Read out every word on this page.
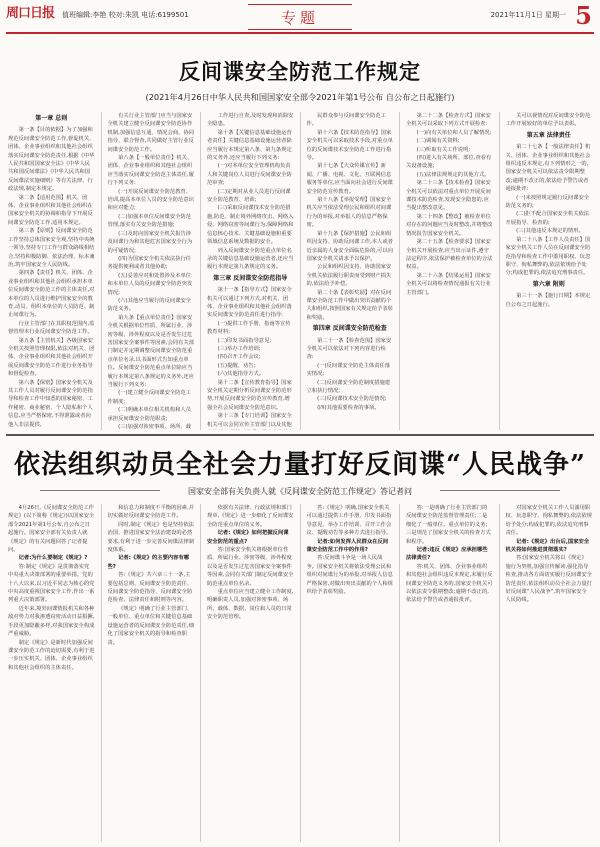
周口日报 值班编辑:李艳 校对:朱凯 电话:6199501	专题	2021年11月1日 星期一 5
反间谍安全防范工作规定
(2021年4月26日中华人民共和国国家安全部令2021年第1号公布 自公布之日起施行)
第一章 总则
第一条【目的依据】为了加强和规范反间谍安全防范工作,督促机关、团体、企业事业组织和其他社会组织落实反间谍安全防范责任,根据《中华人民共和国国家安全法》《中华人民共和国反间谍法》《中华人民共和国反间谍法实施细则》等有关法律、行政法规,制定本规定。
第二条【适用范围】机关、团体、企业事业组织和其他社会组织在国家安全机关的协调和指导下开展反间谍安全防范工作,适用本规定。
第三条【原则】反间谍安全防范工作坚持总体国家安全观,坚持中央统一领导,坚持专门工作与群众路线相结合,坚持积极防御、依法治理、标本兼治,筑牢国家安全人民防线。
第四条【责任】机关、团体、企业事业组织和其他社会组织承担本单位反间谍安全防范工作的主体责任,对本单位的人员进行维护国家安全的教育,动员、组织本单位的人员防范、制止间谍行为。
行业主管部门在其职权范围内,监督管理本行业反间谍安全防范工作。
第五条【主管机关】各级国家安全机关按照管理权限,依法对机关、团体、企业事业组织和其他社会组织开展反间谍安全防范工作进行业务指导和督促检查。
第六条【保密】国家安全机关及其工作人员对履行反间谍安全防范指导和检查工作中知悉的国家秘密、工作秘密、商业秘密、个人隐私和个人信息,应当严格保密,不得泄露或者向他人非法提供。
有关行业主管部门应当与国家安全机关建立健全反间谍安全防范协作机制,加强信息互通、情况会商、协同指导、联合督查,共同做好主管行业反间谍安全防范工作。
第八条【一般单位责任】机关、团体、企业事业组织和其他社会组织应当落实反间谍安全防范主体责任,履行下列义务:
(一)开展反间谍安全防范教育、培训,提高本单位人员的安全防范意识和应对能力;
(二)加强本单位反间谍安全防范管理,落实有关安全防范措施;
(三)及时向国家安全机关报告涉及间谍行为和其他危害国家安全行为的可疑情况;
(四)为国家安全机关依法执行任务提供便利或者其他协助;
(五)妥善应对和处置涉及本单位和本单位人员的反间谍安全防范突发情况;
(六)其他应当履行的反间谍安全防范义务。
第九条【重点单位责任】国家安全机关根据单位性质、所属行业、涉密等级、涉外程度以及是否发生过危害国家安全案事件等因素,会同有关部门制定并定期调整反间谍安全防范重点单位名录,以书面形式告知重点单位。反间谍安全防范重点单位除应当履行本规定第八条规定的义务外,还应当履行下列义务:
(一)建立健全反间谍安全防范工作制度;
(二)明确本单位相关机构和人员承担反间谍安全防范职责;
(三)加强对涉密事项、场所、载
工作进行自查,及时发现和消除安全隐患。
第十条【关键信息基础设施运营者责任】关键信息基础设施运营者除应当履行本规定第八条、第九条规定的义务外,还应当履行下列义务:
(一)对本单位安全管理机构负责人和关键岗位人员进行反间谍安全防范审查;
(二)定期对从业人员进行反间谍安全防范教育、培训;
(三)采取反间谍技术安全防范措施,防范、制止境外网络攻击、网络入侵、网络窃密等间谍行为,保障网络和信息核心技术、关键基础设施和重要领域信息系统及数据的安全。
列入反间谍安全防范重点单位名录的关键信息基础设施运营者,还应当履行本规定第九条规定的义务。
第三章 反间谍安全防范指导
第十一条【指导方式】国家安全机关可以通过下列方式,对机关、团体、企业事业组织和其他社会组织落实反间谍安全防范责任进行指导:
(一)提供工作手册、指南等宣传教育材料;
(二)印发书面指导意见;
(三)举办工作培训;
(四)召开工作会议;
(五)提醒、劝告;
(六)其他指导方式。
第十二条【宣传教育指导】国家安全机关定期分析反间谍安全防范形势,开展反间谍安全防范宣传教育,增强全社会反间谍安全防范意识。
第十三条【专门培训】国家安全机关可以会同宣传主管部门以及其他
民群众参与反间谍安全防范工作。
第十六条【技术防范指导】国家安全机关可以采取技术手段,对重点单位的反间谍技术安全防范工作进行指导。
第十七条【大众传媒宣传】新闻、广播、电视、文化、互联网信息服务等单位,应当面向社会进行反间谍安全防范宣传教育。
第十八条【举报受理】国家安全机关应当依法受理公民和组织对间谍行为的举报,对举报人的信息严格保密。
第十九条【保护措施】公民和组织因支持、协助反间谍工作,本人或者近亲属的人身安全面临危险的,可以向国家安全机关请求予以保护。
公民和组织因支持、协助国家安全机关依法履行职责而受到财产损失的,依法给予补偿。
第二十条【表彰奖励】对在反间谍安全防范工作中做出突出贡献的个人和组织,按照国家有关规定给予表彰和奖励。
第四章 反间谍安全防范检查
第二十一条【检查范围】国家安全机关可以依法对下列内容进行检查:
(一)反间谍安全防范主体责任落实情况;
(二)反间谍安全防范制度措施建立和执行情况;
(三)反间谍技术安全防范情况;
(四)其他需要检查的事项。
第二十二条【检查方式】国家安全机关可以采取下列方式开展检查:
(一)向有关单位和人员了解情况;
(二)调阅有关资料;
(三)听取有关工作说明;
(四)进入有关场所、部位,查看有关设备设施;
(五)法律法规规定的其他方式。
第二十三条【技术检查】国家安全机关可以依法对重点单位开展反间谍技术防范检查,发现安全隐患的,应当提出整改意见。
第二十四条【整改】被检查单位对存在的问题应当及时整改,并将整改情况报告国家安全机关。
第二十五条【检查要求】国家安全机关开展检查,应当出示证件,遵守法定程序,依法保护被检查单位的合法权益。
第二十六条【结果运用】国家安全机关可以将检查情况通报有关行业主管部门。
关可以视情况对反间谍安全防范工作开展较好的单位予以表彰。
第五章 法律责任
第二十七条【一般法律责任】机关、团体、企业事业组织和其他社会组织违反本规定,有下列情形之一的,国家安全机关可以依法责令限期整改;逾期不改正的,依法给予警告或者通报批评:
(一)未按照规定履行反间谍安全防范义务的;
(二)拒不配合国家安全机关依法开展指导、检查的;
(三)其他违反本规定的情形。
第二十八条【工作人员责任】国家安全机关工作人员在反间谍安全防范指导和检查工作中滥用职权、玩忽职守、徇私舞弊的,依法依规给予处分;构成犯罪的,依法追究刑事责任。
第六章 附则
第三十一条【施行日期】本规定自公布之日起施行。
依法组织动员全社会力量打好反间谍“人民战争”
国家安全部有关负责人就《反间谍安全防范工作规定》答记者问
4月26日,《反间谍安全防范工作规定》(以下简称《规定》)以国家安全部令2021年第1号公布,自公布之日起施行。国家安全部有关负责人就《规定》的有关问题回答了记者提问。
记者:为什么要制定《规定》?
答:制定《规定》是贯彻落实党中央重大决策部署的重要举措。党的十八大以来,以习近平同志为核心的党中央高度重视国家安全工作,作出一系列重大决策部署。
近年来,境外间谍情报机关和各种敌对势力对我渗透窃密活动日益猖獗,手段更加隐蔽多样,对我国家安全构成严重威胁。
制定《规定》是新时代加强反间谍安全防范工作的迫切需要,有利于进一步压实机关、团体、企业事业组织和其他社会组织的主体责任。
和信息力和制度不平衡的因素,并切实做好反间谍安全防范工作。
同时,制定《规定》也是坚持依法治国、推进国家安全法治建设的必然要求,有利于进一步完善反间谍法律制度体系。
记者:《规定》的主要内容有哪些?
答:《规定》共六章三十一条,主要包括总则、反间谍安全防范责任、反间谍安全防范指导、反间谍安全防范检查、法律责任和附则等内容。
《规定》明确了行业主管部门、一般单位、重点单位和关键信息基础设施运营者的反间谍安全防范责任,细化了国家安全机关的指导和检查职责。
依据有关法律、行政法规和部门规章,《规定》进一步细化了反间谍安全防范重点单位的义务。
记者:《规定》如何把握反间谍安全防范的重点?
答:国家安全机关将根据单位性质、所属行业、涉密等级、涉外程度以及是否发生过危害国家安全案事件等因素,会同有关部门制定反间谍安全防范重点单位名录。
重点单位应当建立健全工作制度,明确职责人员,加强对涉密事项、场所、载体、数据、岗位和人员的日常安全防范管理。
答:《规定》明确,国家安全机关可以通过提供工作手册、印发书面指导意见、举办工作培训、召开工作会议、提醒劝告等多种方式进行指导。
记者:如何发挥人民群众在反间谍安全防范工作中的作用?
答:反间谍斗争是一场人民战争。国家安全机关将依法受理公民和组织对间谍行为的举报,对举报人信息严格保密,对做出突出贡献的个人和组织给予表彰奖励。
答:一是明确了行业主管部门的反间谍安全防范监督管理责任;二是细化了一般单位、重点单位的义务;三是规范了国家安全机关的检查方式和程序。
记者:违反《规定》应承担哪些法律责任?
答:机关、团体、企业事业组织和其他社会组织违反本规定,未履行反间谍安全防范义务的,国家安全机关可以依法责令限期整改;逾期不改正的,依法给予警告或者通报批评。
对国家安全机关工作人员滥用职权、玩忽职守、徇私舞弊的,依法依规给予处分;构成犯罪的,依法追究刑事责任。
记者:《规定》出台后,国家安全机关将如何推进贯彻落实?
答:国家安全机关将以《规定》施行为契机,加强宣传解读,强化指导检查,推动各方面切实履行反间谍安全防范责任,依法组织动员全社会力量打好反间谍“人民战争”,筑牢国家安全人民防线。
